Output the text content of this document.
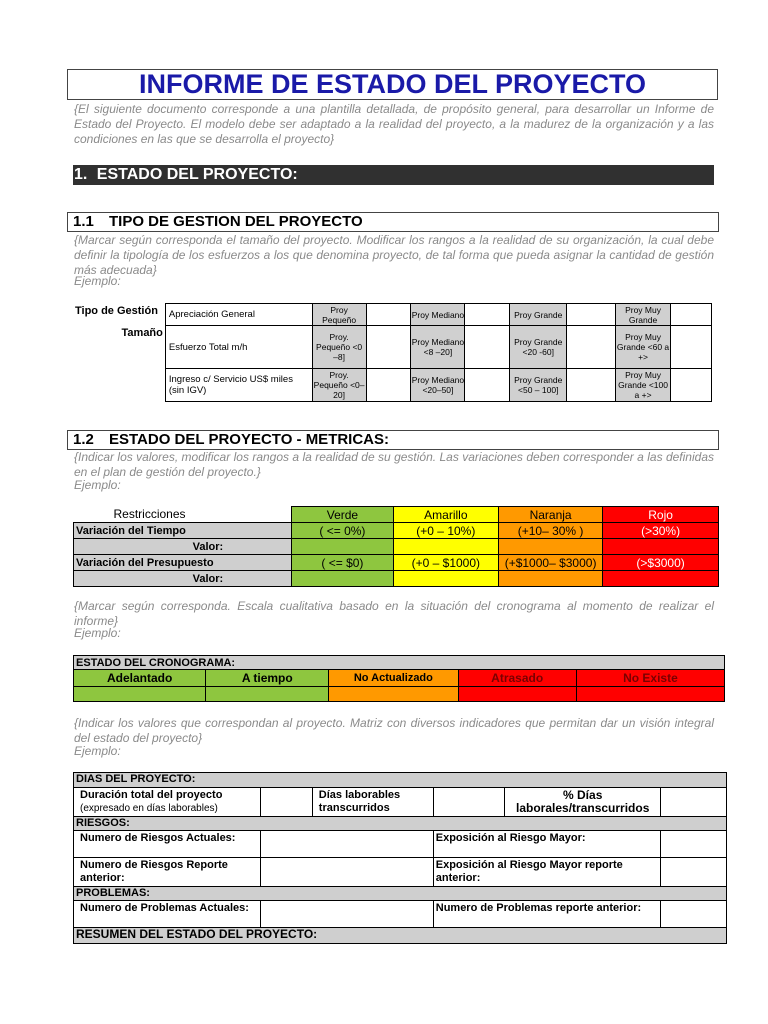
INFORME DE ESTADO DEL PROYECTO
{El siguiente documento corresponde a una plantilla detallada, de propósito general, para desarrollar un Informe de Estado del Proyecto. El modelo debe ser adaptado a la realidad del proyecto, a la madurez de la organización y a las condiciones en las que se desarrolla el proyecto}
1. ESTADO DEL PROYECTO:
1.1 TIPO DE GESTION DEL PROYECTO
{Marcar según corresponda el tamaño del proyecto. Modificar los rangos a la realidad de su organización, la cual debe definir la tipología de los esfuerzos a los que denomina proyecto, de tal forma que pueda asignar la cantidad de gestión más adecuada}
Ejemplo:
Tipo de Gestión	Apreciación General	Proy Pequeño		Proy Mediano		Proy Grande		Proy Muy Grande	
Tamaño	Esfuerzo Total m/h	Proy. Pequeño <0 –8]		Proy Mediano <8 –20]		Proy Grande <20 -60]		Proy Muy Grande <60 a +>	
	Ingreso c/ Servicio US$ miles (sin IGV)	Proy. Pequeño <0–20]		Proy Mediano <20–50]		Proy Grande <50 – 100]		Proy Muy Grande <100 a +>	
1.2 ESTADO DEL PROYECTO - METRICAS:
{Indicar los valores, modificar los rangos a la realidad de su gestión. Las variaciones deben corresponder a las definidas en el plan de gestión del proyecto.}
Ejemplo:
Restricciones	Verde	Amarillo	Naranja	Rojo
Variación del Tiempo	( <= 0%)	(+0 – 10%)	(+10– 30% )	(>30%)
Valor:				
Variación del Presupuesto	( <= $0)	(+0 – $1000)	(+$1000– $3000)	(>$3000)
Valor:				
{Marcar según corresponda. Escala cualitativa basado en la situación del cronograma al momento de realizar el informe}
Ejemplo:
ESTADO DEL CRONOGRAMA:				
Adelantado	A tiempo	No Actualizado	Atrasado	No Existe

{Indicar los valores que correspondan al proyecto. Matriz con diversos indicadores que permitan dar un visión integral del estado del proyecto}
Ejemplo:
DIAS DEL PROYECTO:					
Duración total del proyecto
(expresado en días laborables)		Días laborables transcurridos		% Días laborales/transcurridos	
RIESGOS:					
Numero de Riesgos Actuales:			Exposición al Riesgo Mayor:		
Numero de Riesgos Reporte anterior:			Exposición al Riesgo Mayor reporte anterior:		
PROBLEMAS:					
Numero de Problemas Actuales:			Numero de Problemas reporte anterior:		
RESUMEN DEL ESTADO DEL PROYECTO:					
